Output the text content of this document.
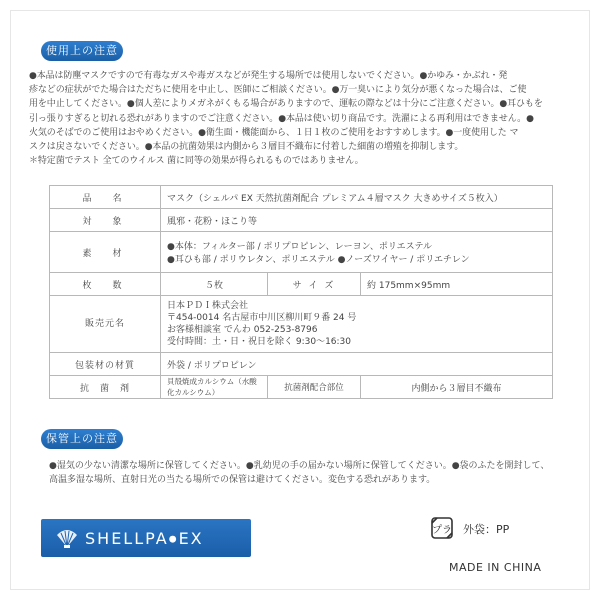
使用上の注意

●本品は防塵マスクですので有毒なガスや毒ガスなどが発生する場所では使用しないでください。●かゆみ・かぶれ・発

疹などの症状がでた場合はただちに使用を中止し、医師にご相談ください。●万一臭いにより気分が悪くなった場合は、ご使

用を中止してください。●個人差によりメガネがくもる場合がありますので、運転の際などは十分にご注意ください。●耳ひもを

引っ張りすぎると切れる恐れがありますのでご注意ください。●本品は使い切り商品です。洗濯による再利用はできません。●

火気のそばでのご使用はおやめください。●衛生面・機能面から、１日１枚のご使用をおすすめします。●一度使用した マ

スクは戻さないでください。●本品の抗菌効果は内側から３層目不織布に付着した細菌の増殖を抑制します。

＊特定菌でテスト 全てのウイルス 菌に同等の効果が得られるものではありません。

品　名	マスク（シェルパ EX 天然抗菌剤配合 プレミアム４層マスク 大きめサイズ５枚入）		
対　象	風邪・花粉・ほこり等		
素　材	●本体：フィルター部 / ポリプロピレン、レーヨン、ポリエステル
●耳ひも部 / ポリウレタン、ポリエステル ●ノーズワイヤー / ポリエチレン		

枚　数	５枚	サ イ ズ	約 175mm×95mm
販売元名	日本ＰＤＩ株式会社
〒454-0014 名古屋市中川区柳川町９番 24 号
お客様相談室 でんわ 052-253-8796
受付時間：土・日・祝日を除く 9:30～16:30		

包装材の材質	外袋 / ポリプロピレン		
抗　菌　剤	貝殻焼成カルシウム（水酸化カルシウム）	抗菌剤配合部位	内側から３層目不織布
保管上の注意

●湿気の少ない清潔な場所に保管してください。●乳幼児の手の届かない場所に保管してください。●袋のふたを開封して、

高温多湿な場所、直射日光の当たる場所での保管は避けてください。変色する恐れがあります。

SHELLPA●EX	プラ 外袋：PP
MADE IN CHINA
